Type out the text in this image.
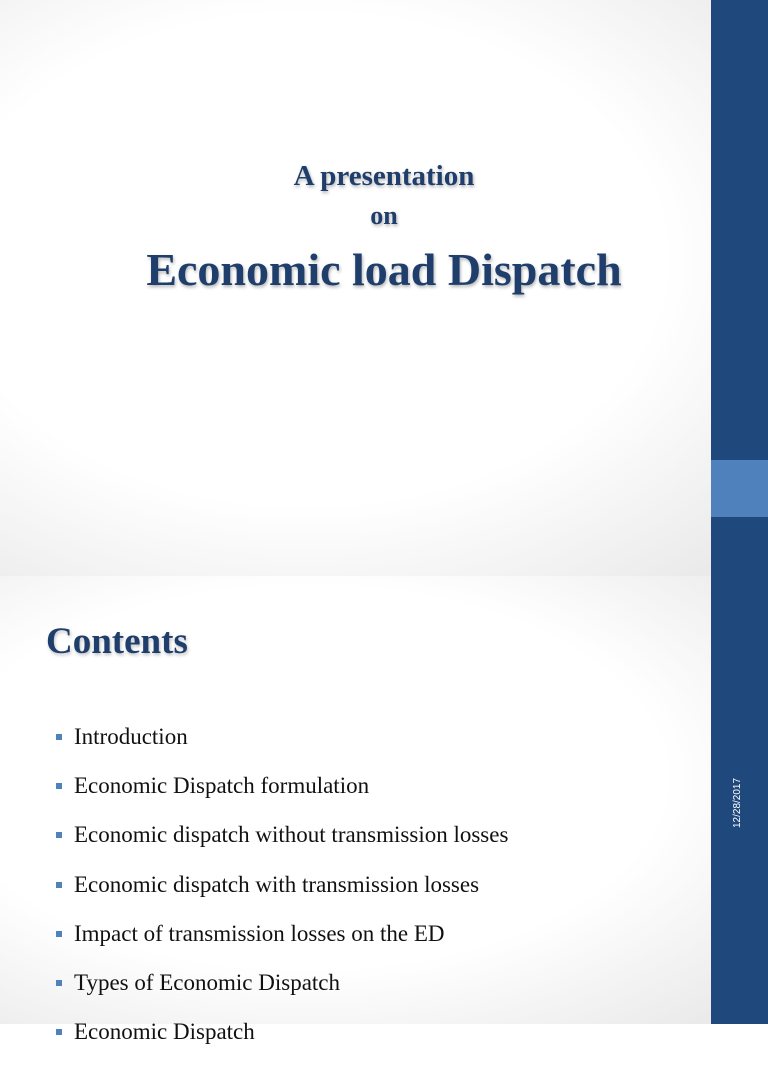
A presentation
on
Economic load Dispatch
Contents
Introduction
Economic Dispatch formulation
Economic dispatch without transmission losses
Economic dispatch with transmission losses
Impact of transmission losses on the ED
Types of Economic Dispatch
Economic Dispatch
12/28/2017
